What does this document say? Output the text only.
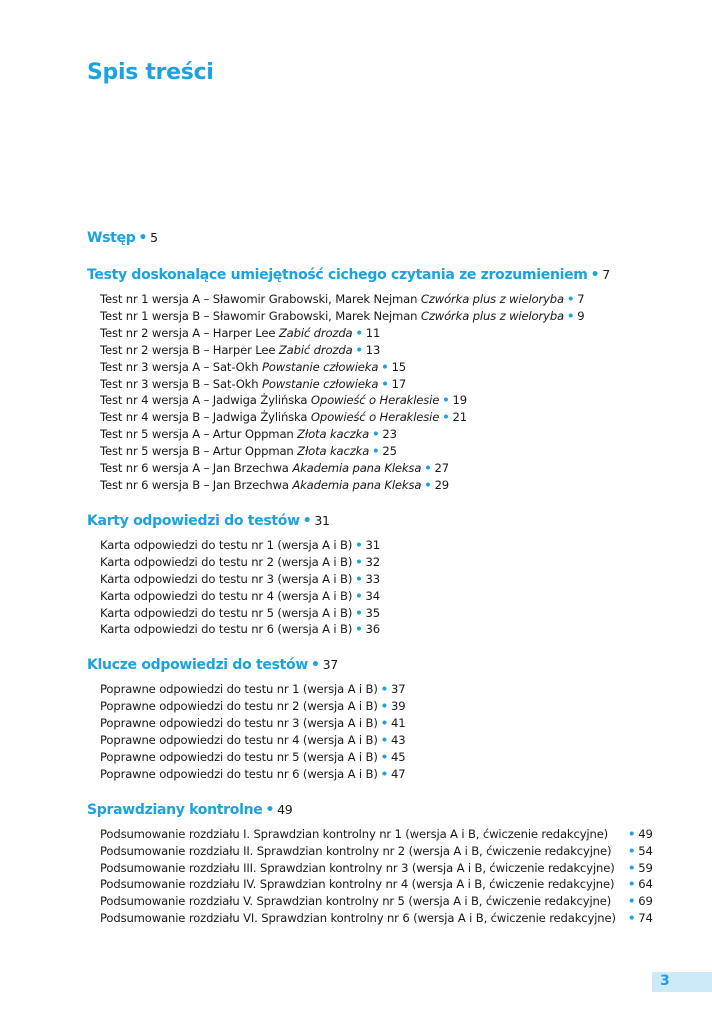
Spis treści
Wstęp • 5
Testy doskonalące umiejętność cichego czytania ze zrozumieniem • 7
Test nr 1 wersja A – Sławomir Grabowski, Marek Nejman Czwórka plus z wieloryba • 7
Test nr 1 wersja B – Sławomir Grabowski, Marek Nejman Czwórka plus z wieloryba • 9
Test nr 2 wersja A – Harper Lee Zabić drozda • 11
Test nr 2 wersja B – Harper Lee Zabić drozda • 13
Test nr 3 wersja A – Sat-Okh Powstanie człowieka • 15
Test nr 3 wersja B – Sat-Okh Powstanie człowieka • 17
Test nr 4 wersja A – Jadwiga Żylińska Opowieść o Heraklesie • 19
Test nr 4 wersja B – Jadwiga Żylińska Opowieść o Heraklesie • 21
Test nr 5 wersja A – Artur Oppman Złota kaczka • 23
Test nr 5 wersja B – Artur Oppman Złota kaczka • 25
Test nr 6 wersja A – Jan Brzechwa Akademia pana Kleksa • 27
Test nr 6 wersja B – Jan Brzechwa Akademia pana Kleksa • 29
Karty odpowiedzi do testów • 31
Karta odpowiedzi do testu nr 1 (wersja A i B) • 31
Karta odpowiedzi do testu nr 2 (wersja A i B) • 32
Karta odpowiedzi do testu nr 3 (wersja A i B) • 33
Karta odpowiedzi do testu nr 4 (wersja A i B) • 34
Karta odpowiedzi do testu nr 5 (wersja A i B) • 35
Karta odpowiedzi do testu nr 6 (wersja A i B) • 36
Klucze odpowiedzi do testów • 37
Poprawne odpowiedzi do testu nr 1 (wersja A i B) • 37
Poprawne odpowiedzi do testu nr 2 (wersja A i B) • 39
Poprawne odpowiedzi do testu nr 3 (wersja A i B) • 41
Poprawne odpowiedzi do testu nr 4 (wersja A i B) • 43
Poprawne odpowiedzi do testu nr 5 (wersja A i B) • 45
Poprawne odpowiedzi do testu nr 6 (wersja A i B) • 47
Sprawdziany kontrolne • 49
Podsumowanie rozdziału I. Sprawdzian kontrolny nr 1 (wersja A i B, ćwiczenie redakcyjne)	• 49
Podsumowanie rozdziału II. Sprawdzian kontrolny nr 2 (wersja A i B, ćwiczenie redakcyjne)	• 54
Podsumowanie rozdziału III. Sprawdzian kontrolny nr 3 (wersja A i B, ćwiczenie redakcyjne)	• 59
Podsumowanie rozdziału IV. Sprawdzian kontrolny nr 4 (wersja A i B, ćwiczenie redakcyjne)	• 64
Podsumowanie rozdziału V. Sprawdzian kontrolny nr 5 (wersja A i B, ćwiczenie redakcyjne)	• 69
Podsumowanie rozdziału VI. Sprawdzian kontrolny nr 6 (wersja A i B, ćwiczenie redakcyjne)	• 74
3
